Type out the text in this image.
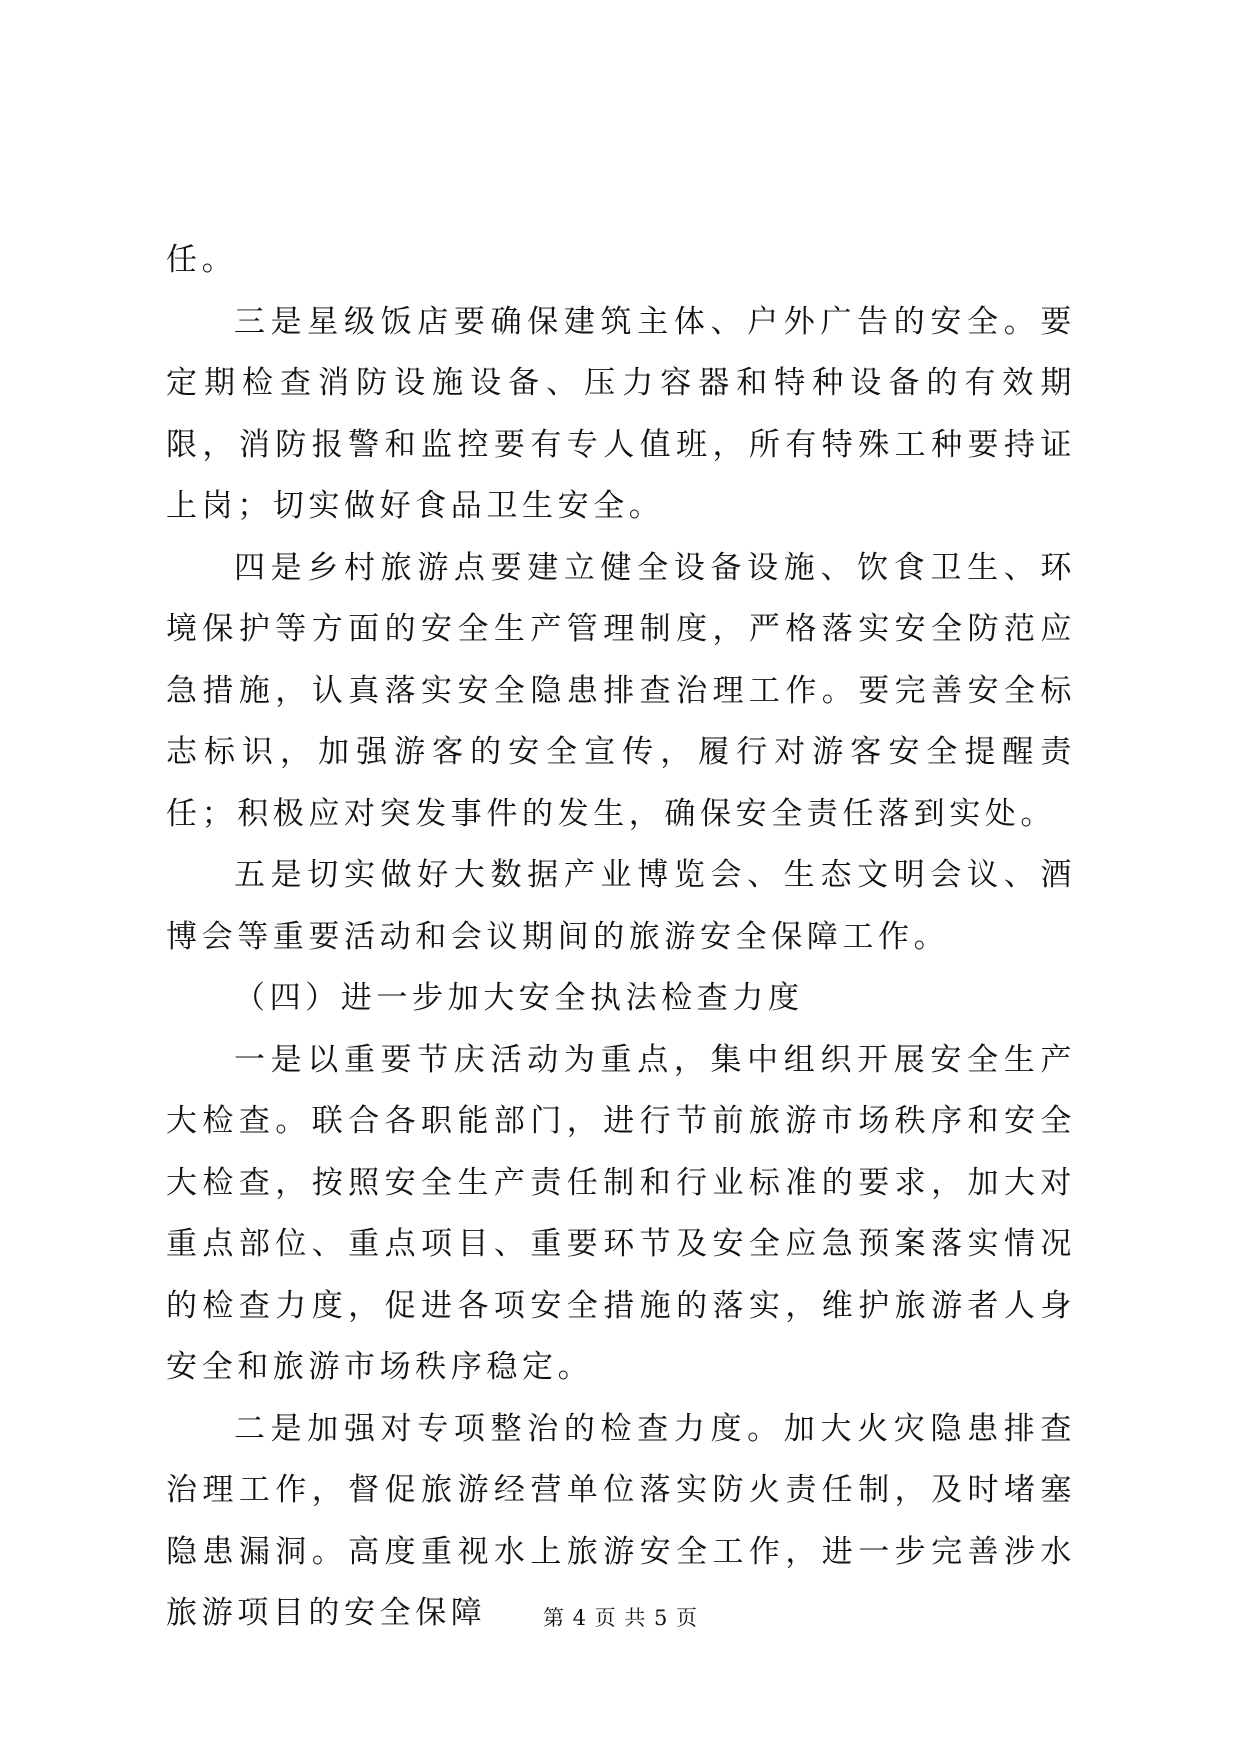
任。

三是星级饭店要确保建筑主体、户外广告的安全。要定期检查消防设施设备、压力容器和特种设备的有效期限，消防报警和监控要有专人值班，所有特殊工种要持证上岗；切实做好食品卫生安全。

四是乡村旅游点要建立健全设备设施、饮食卫生、环境保护等方面的安全生产管理制度，严格落实安全防范应急措施，认真落实安全隐患排查治理工作。要完善安全标志标识，加强游客的安全宣传，履行对游客安全提醒责任；积极应对突发事件的发生，确保安全责任落到实处。

五是切实做好大数据产业博览会、生态文明会议、酒博会等重要活动和会议期间的旅游安全保障工作。

（四）进一步加大安全执法检查力度

一是以重要节庆活动为重点，集中组织开展安全生产大检查。联合各职能部门，进行节前旅游市场秩序和安全大检查，按照安全生产责任制和行业标准的要求，加大对重点部位、重点项目、重要环节及安全应急预案落实情况的检查力度，促进各项安全措施的落实，维护旅游者人身安全和旅游市场秩序稳定。

二是加强对专项整治的检查力度。加大火灾隐患排查治理工作，督促旅游经营单位落实防火责任制，及时堵塞隐患漏洞。高度重视水上旅游安全工作，进一步完善涉水旅游项目的安全保障	第 4 页 共 5 页
